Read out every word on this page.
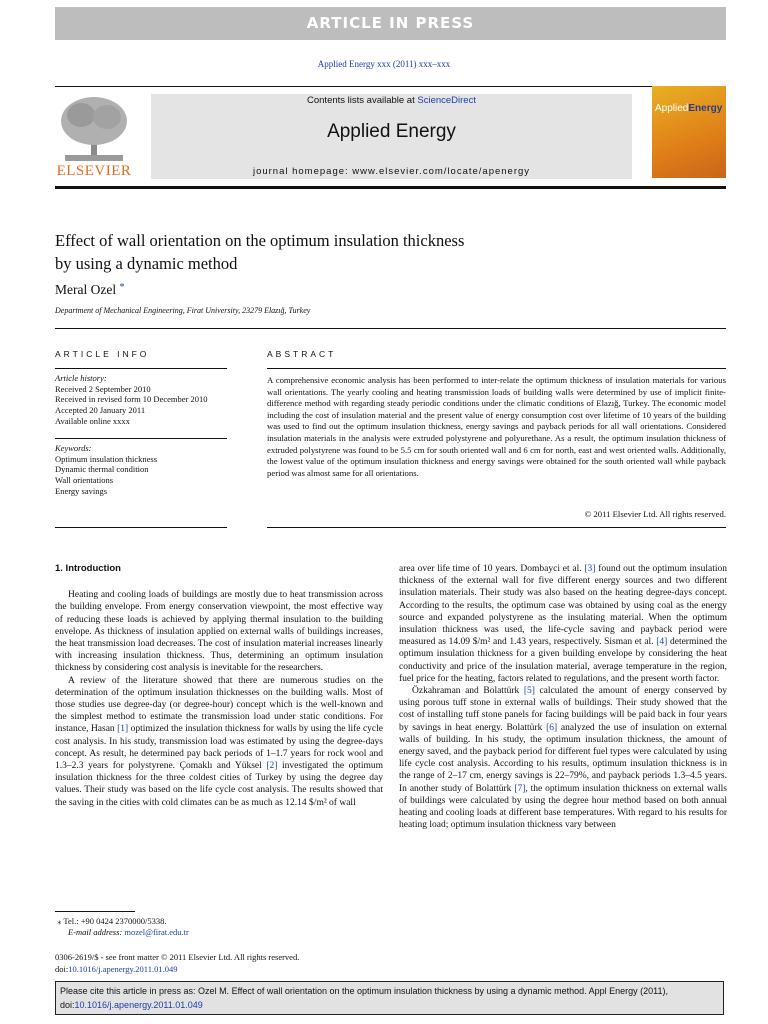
ARTICLE IN PRESS
Applied Energy xxx (2011) xxx–xxx
ELSEVIER
Contents lists available at ScienceDirect
Applied Energy
journal homepage: www.elsevier.com/locate/apenergy
AppliedEnergy
Effect of wall orientation on the optimum insulation thickness
by using a dynamic method
Meral Ozel *
Department of Mechanical Engineering, Firat University, 23279 Elazığ, Turkey
ARTICLE INFO
Article history:
Received 2 September 2010
Received in revised form 10 December 2010
Accepted 20 January 2011
Available online xxxx
Keywords:
Optimum insulation thickness
Dynamic thermal condition
Wall orientations
Energy savings
ABSTRACT
A comprehensive economic analysis has been performed to inter-relate the optimum thickness of insulation materials for various wall orientations. The yearly cooling and heating transmission loads of building walls were determined by use of implicit finite-difference method with regarding steady periodic conditions under the climatic conditions of Elazığ, Turkey. The economic model including the cost of insulation material and the present value of energy consumption cost over lifetime of 10 years of the building was used to find out the optimum insulation thickness, energy savings and payback periods for all wall orientations. Considered insulation materials in the analysis were extruded polystyrene and polyurethane. As a result, the optimum insulation thickness of extruded polystyrene was found to be 5.5 cm for south oriented wall and 6 cm for north, east and west oriented walls. Additionally, the lowest value of the optimum insulation thickness and energy savings were obtained for the south oriented wall while payback period was almost same for all orientations.
© 2011 Elsevier Ltd. All rights reserved.

1. Introduction

Heating and cooling loads of buildings are mostly due to heat transmission across the building envelope. From energy conservation viewpoint, the most effective way of reducing these loads is achieved by applying thermal insulation to the building envelope. As thickness of insulation applied on external walls of buildings increases, the heat transmission load decreases. The cost of insulation material increases linearly with increasing insulation thickness. Thus, determining an optimum insulation thickness by considering cost analysis is inevitable for the researchers.

A review of the literature showed that there are numerous studies on the determination of the optimum insulation thicknesses on the building walls. Most of those studies use degree-day (or degree-hour) concept which is the well-known and the simplest method to estimate the transmission load under static conditions. For instance, Hasan [1] optimized the insulation thickness for walls by using the life cycle cost analysis. In his study, transmission load was estimated by using the degree-days concept. As result, he determined pay back periods of 1–1.7 years for rock wool and 1.3–2.3 years for polystyrene. Çomaklı and Yüksel [2] investigated the optimum insulation thickness for the three coldest cities of Turkey by using the degree day values. Their study was based on the life cycle cost analysis. The results showed that the saving in the cities with cold climates can be as much as 12.14 $/m² of wall

area over life time of 10 years. Dombayci et al. [3] found out the optimum insulation thickness of the external wall for five different energy sources and two different insulation materials. Their study was also based on the heating degree-days concept. According to the results, the optimum case was obtained by using coal as the energy source and expanded polystyrene as the insulating material. When the optimum insulation thickness was used, the life-cycle saving and payback period were measured as 14.09 $/m² and 1.43 years, respectively. Sisman et al. [4] determined the optimum insulation thickness for a given building envelope by considering the heat conductivity and price of the insulation material, average temperature in the region, fuel price for the heating, factors related to regulations, and the present worth factor.

Özkahraman and Bolattürk [5] calculated the amount of energy conserved by using porous tuff stone in external walls of buildings. Their study showed that the cost of installing tuff stone panels for facing buildings will be paid back in four years by savings in heat energy. Bolattürk [6] analyzed the use of insulation on external walls of building. In his study, the optimum insulation thickness, the amount of energy saved, and the payback period for different fuel types were calculated by using life cycle cost analysis. According to his results, optimum insulation thickness is in the range of 2–17 cm, energy savings is 22–79%, and payback periods 1.3–4.5 years. In another study of Bolattürk [7], the optimum insulation thickness on external walls of buildings were calculated by using the degree hour method based on both annual heating and cooling loads at different base temperatures. With regard to his results for heating load; optimum insulation thickness vary between

⁎ Tel.: +90 0424 2370000/5338.
E-mail address: mozel@firat.edu.tr
0306-2619/$ - see front matter © 2011 Elsevier Ltd. All rights reserved.
doi:10.1016/j.apenergy.2011.01.049
Please cite this article in press as: Ozel M. Effect of wall orientation on the optimum insulation thickness by using a dynamic method. Appl Energy (2011),
doi:10.1016/j.apenergy.2011.01.049
